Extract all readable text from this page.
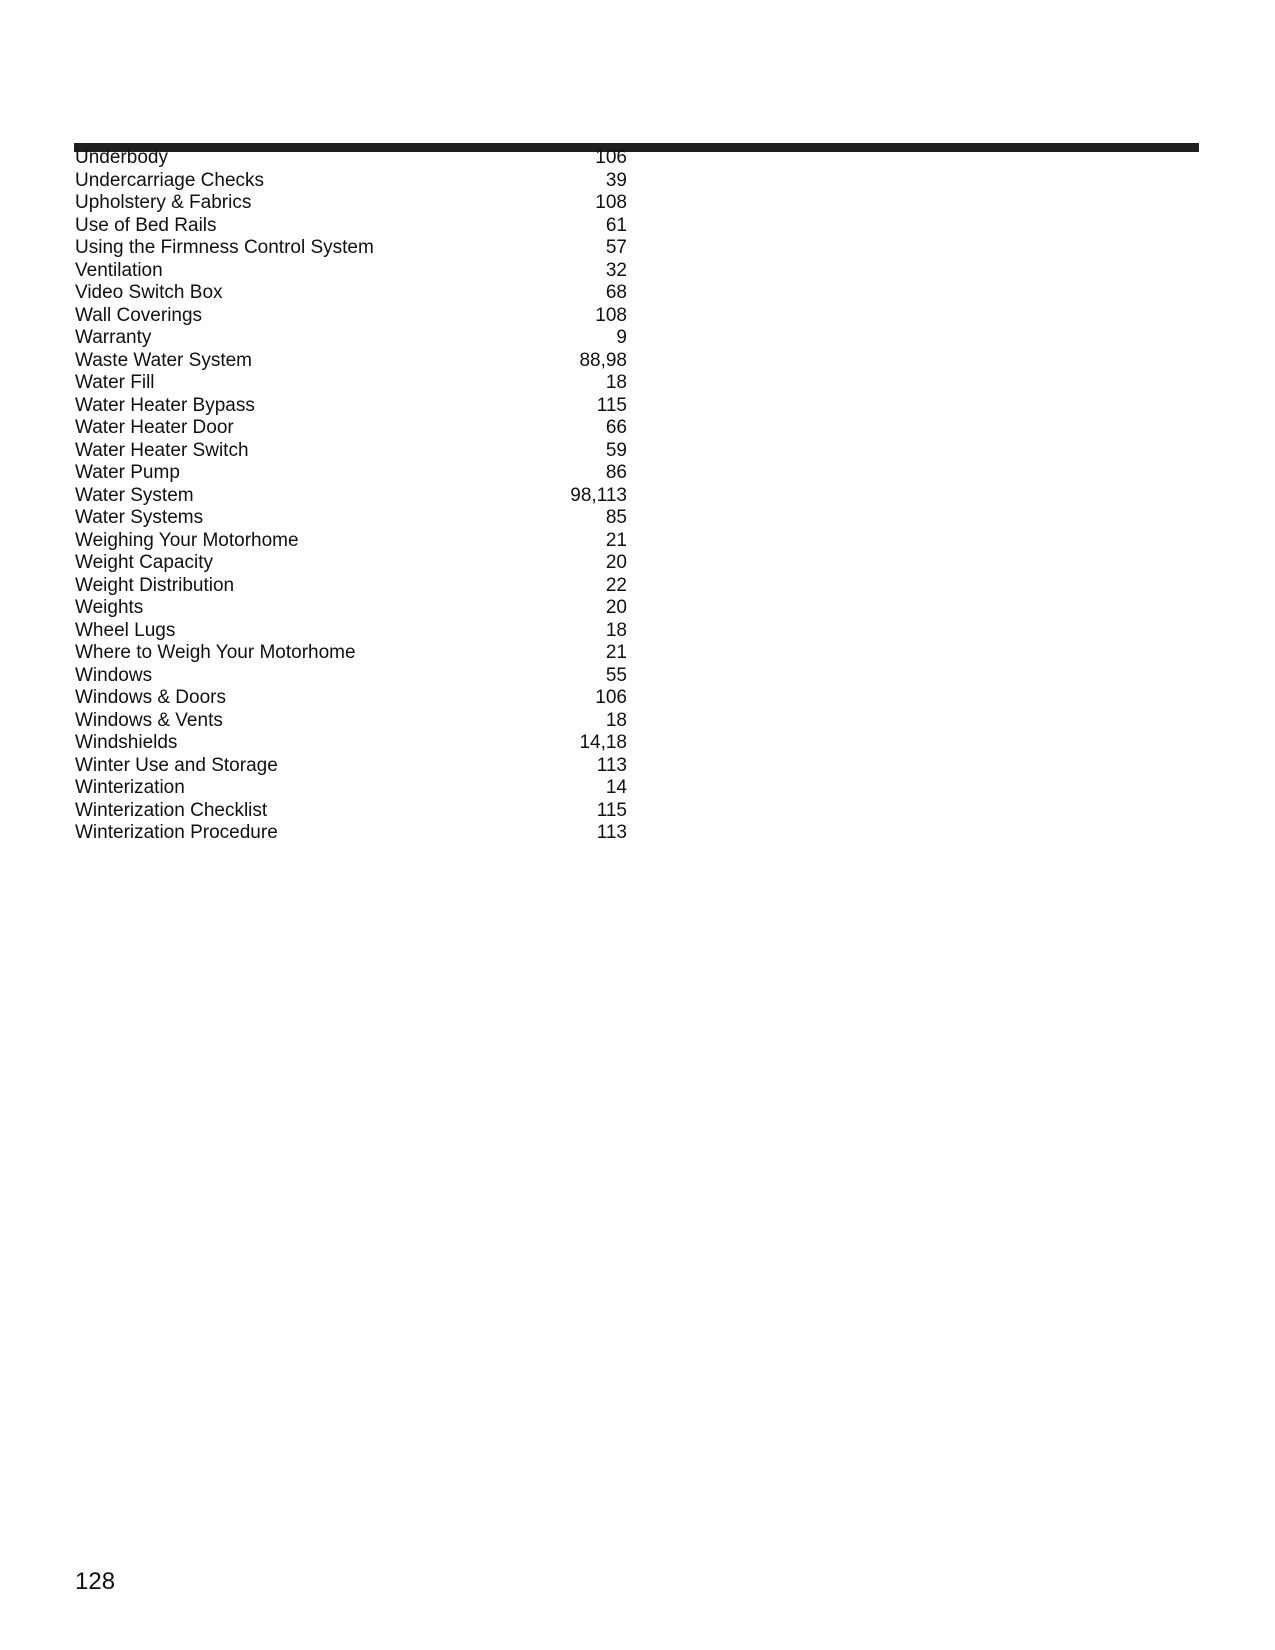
Underbody	106
Undercarriage Checks	39
Upholstery & Fabrics	108
Use of Bed Rails	61
Using the Firmness Control System	57
Ventilation	32
Video Switch Box	68
Wall Coverings	108
Warranty	9
Waste Water System	88,98
Water Fill	18
Water Heater Bypass	115
Water Heater Door	66
Water Heater Switch	59
Water Pump	86
Water System	98,113
Water Systems	85
Weighing Your Motorhome	21
Weight Capacity	20
Weight Distribution	22
Weights	20
Wheel Lugs	18
Where to Weigh Your Motorhome	21
Windows	55
Windows & Doors	106
Windows & Vents	18
Windshields	14,18
Winter Use and Storage	113
Winterization	14
Winterization Checklist	115
Winterization Procedure	113
128
